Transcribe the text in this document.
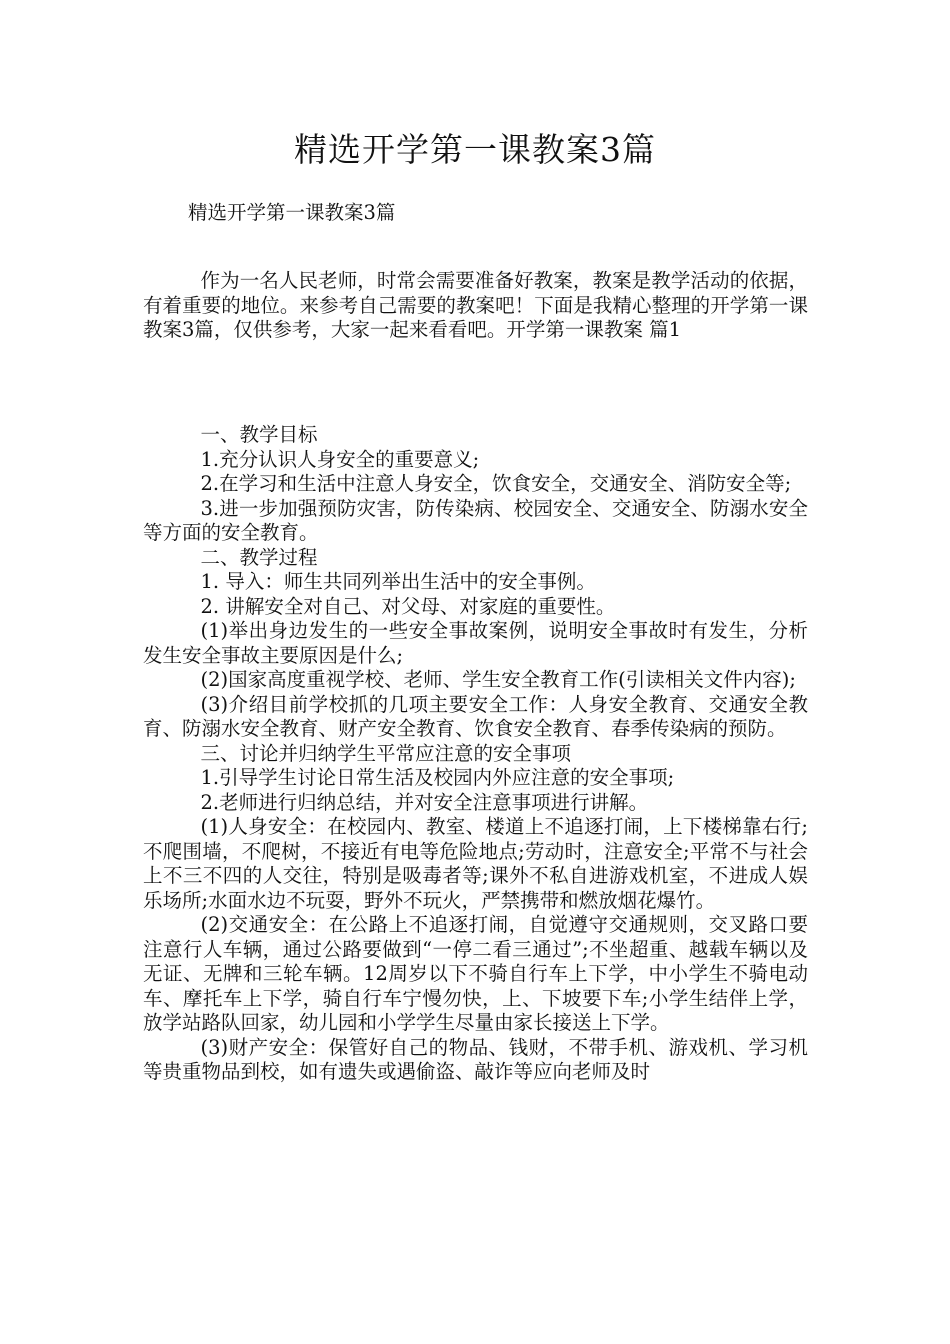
精选开学第一课教案3篇
精选开学第一课教案3篇

作为一名人民老师，时常会需要准备好教案，教案是教学活动的依据，有着重要的地位。来参考自己需要的教案吧！下面是我精心整理的开学第一课教案3篇，仅供参考，大家一起来看看吧。开学第一课教案 篇1

一、教学目标

1.充分认识人身安全的重要意义;

2.在学习和生活中注意人身安全，饮食安全，交通安全、消防安全等;

3.进一步加强预防灾害，防传染病、校园安全、交通安全、防溺水安全等方面的安全教育。

二、教学过程

1. 导入：师生共同列举出生活中的安全事例。

2. 讲解安全对自己、对父母、对家庭的重要性。

(1)举出身边发生的一些安全事故案例，说明安全事故时有发生，分析发生安全事故主要原因是什么;

(2)国家高度重视学校、老师、学生安全教育工作(引读相关文件内容);

(3)介绍目前学校抓的几项主要安全工作：人身安全教育、交通安全教育、防溺水安全教育、财产安全教育、饮食安全教育、春季传染病的预防。

三、讨论并归纳学生平常应注意的安全事项

1.引导学生讨论日常生活及校园内外应注意的安全事项;

2.老师进行归纳总结，并对安全注意事项进行讲解。

(1)人身安全：在校园内、教室、楼道上不追逐打闹，上下楼梯靠右行;不爬围墙，不爬树，不接近有电等危险地点;劳动时，注意安全;平常不与社会上不三不四的人交往，特别是吸毒者等;课外不私自进游戏机室，不进成人娱乐场所;水面水边不玩耍，野外不玩火，严禁携带和燃放烟花爆竹。

(2)交通安全：在公路上不追逐打闹，自觉遵守交通规则，交叉路口要注意行人车辆，通过公路要做到“一停二看三通过”;不坐超重、越载车辆以及无证、无牌和三轮车辆。12周岁以下不骑自行车上下学，中小学生不骑电动车、摩托车上下学，骑自行车宁慢勿快，上、下坡要下车;小学生结伴上学，放学站路队回家，幼儿园和小学学生尽量由家长接送上下学。

(3)财产安全：保管好自己的物品、钱财，不带手机、游戏机、学习机等贵重物品到校，如有遗失或遇偷盗、敲诈等应向老师及时
